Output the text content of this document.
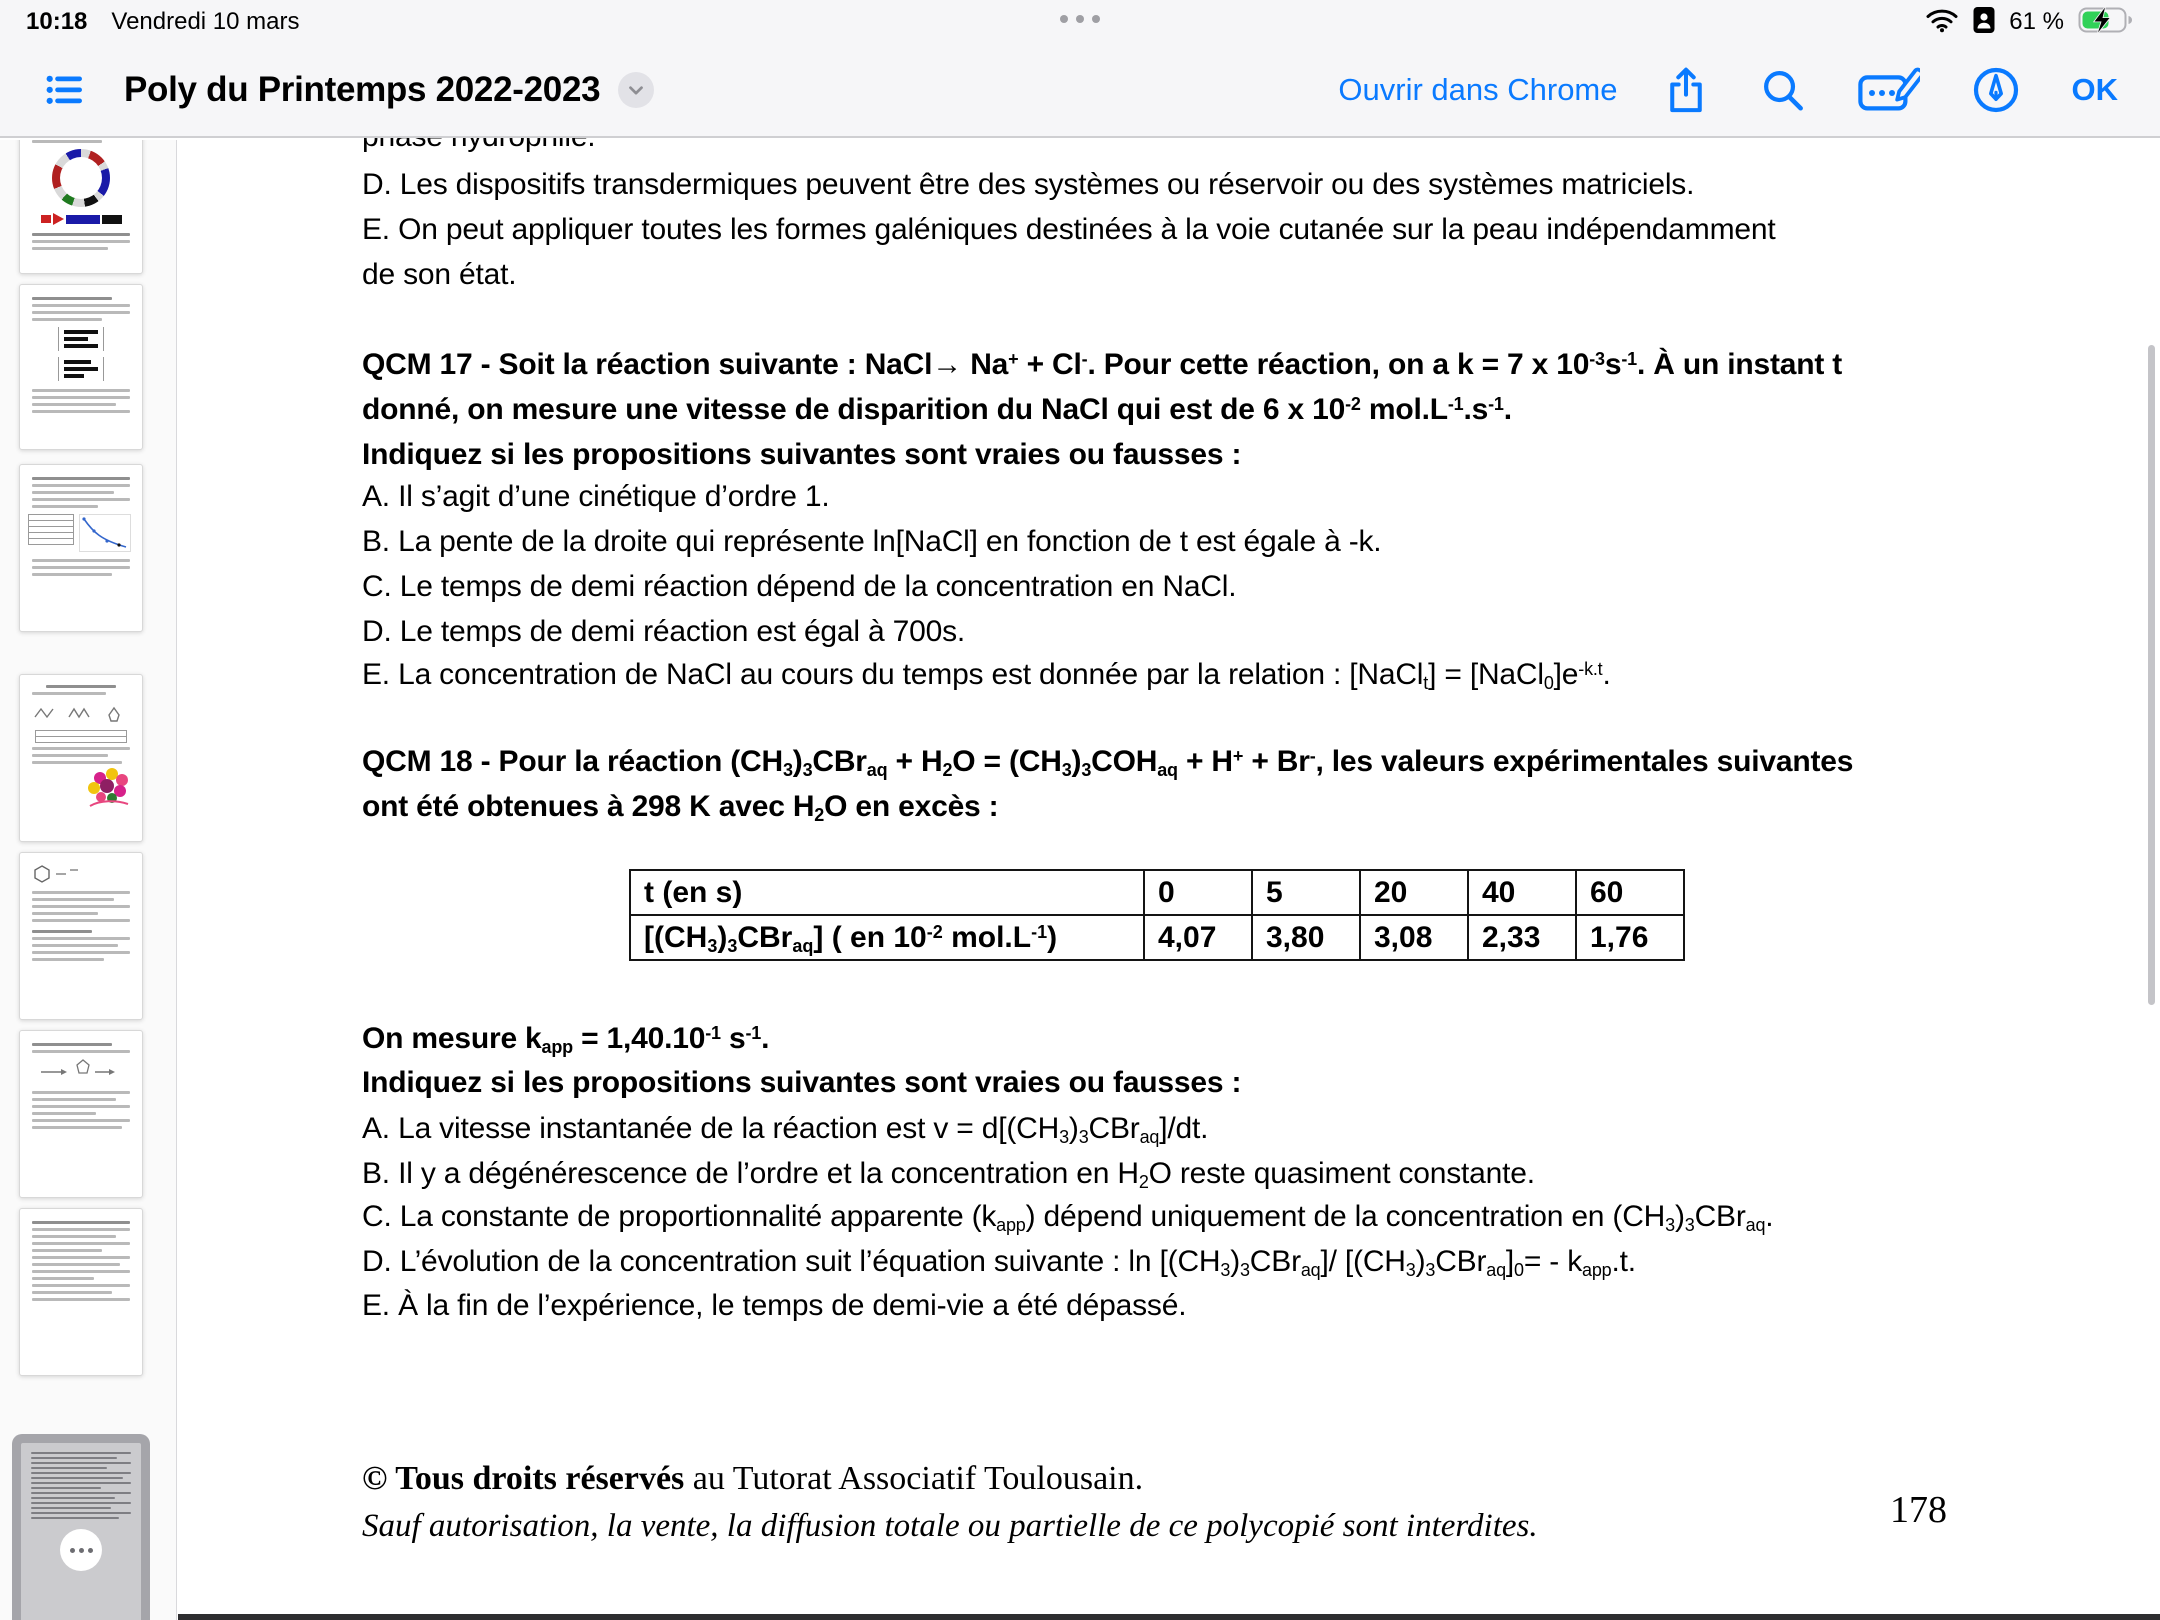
10:18 Vendredi 10 mars	61 %
Poly du Printemps 2022-2023	Ouvrir dans Chrome	OK
D. Les dispositifs transdermiques peuvent être des systèmes ou réservoir ou des systèmes matriciels.
E. On peut appliquer toutes les formes galéniques destinées à la voie cutanée sur la peau indépendamment
de son état.
QCM 17 - Soit la réaction suivante : NaCl→ Na+ + Cl-. Pour cette réaction, on a k = 7 x $10^{-3}s^{-1}$. À un instant t
donné, on mesure une vitesse de disparition du NaCl qui est de 6 x $10^{-2}$ $mol.L^{-1}.s^{-1}$.
Indiquez si les propositions suivantes sont vraies ou fausses :
A. Il s’agit d’une cinétique d’ordre 1.
B. La pente de la droite qui représente ln[NaCl] en fonction de t est égale à -k.
C. Le temps de demi réaction dépend de la concentration en NaCl.
D. Le temps de demi réaction est égal à 700s.
E. La concentration de NaCl au cours du temps est donnée par la relation : [NaCl$_t$] = $[NaCl_0]e^{-k.t}$.
QCM 18 - Pour la réaction $(CH_3)_3CBr_{aq} + H_2O = (CH_3)_3COH_{aq} + H^+ + Br^-$, les valeurs expérimentales suivantes
ont été obtenues à 298 K avec $H_2O$ en excès :
t (en s)	0	5	20	40	60
$[(CH_3)_3CBr_{aq}]$ ( en $10^{-2}$ $mol.L^{-1}$)	4,07	3,80	3,08	2,33	1,76
On mesure $k_{app} = 1,40.10^{-1}$ $s^{-1}$.
Indiquez si les propositions suivantes sont vraies ou fausses :
A. La vitesse instantanée de la réaction est $v = d[(CH_3)_3CBr_{aq}]/dt$.
B. Il y a dégénérescence de l’ordre et la concentration en $H_2O$ reste quasiment constante.
C. La constante de proportionnalité apparente $(k_{app})$ dépend uniquement de la concentration en $(CH_3)_3CBr_{aq}$.
D. L’évolution de la concentration suit l’équation suivante : $\ln [(CH_3)_3CBr_{aq}]/$ $[(CH_3)_3CBr_{aq}]_0= - k_{app}.t$.
E. À la fin de l’expérience, le temps de demi-vie a été dépassé.
© Tous droits réservés au Tutorat Associatif Toulousain.
Sauf autorisation, la vente, la diffusion totale ou partielle de ce polycopié sont interdites.	178
